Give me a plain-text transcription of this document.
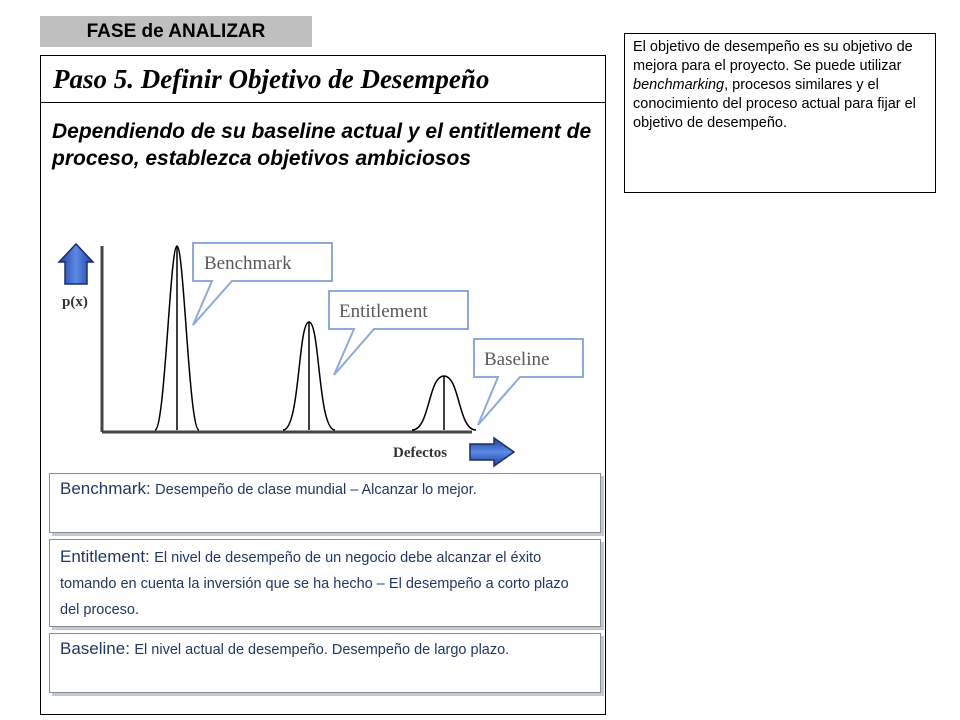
FASE de ANALIZAR
Paso 5. Definir Objetivo de Desempeño
Dependiendo de su baseline actual y el entitlement de proceso, establezca objetivos ambiciosos
El objetivo de desempeño es su objetivo de mejora para el proyecto. Se puede utilizar benchmarking, procesos similares y el conocimiento del proceso actual para fijar el objetivo de desempeño.
p(x)
Defectos
Benchmark
Entitlement
Baseline
Benchmark: Desempeño de clase mundial – Alcanzar lo mejor.
Entitlement: El nivel de desempeño de un negocio debe alcanzar el éxito tomando en cuenta la inversión que se ha hecho – El desempeño a corto plazo del proceso.
Baseline: El nivel actual de desempeño. Desempeño de largo plazo.
